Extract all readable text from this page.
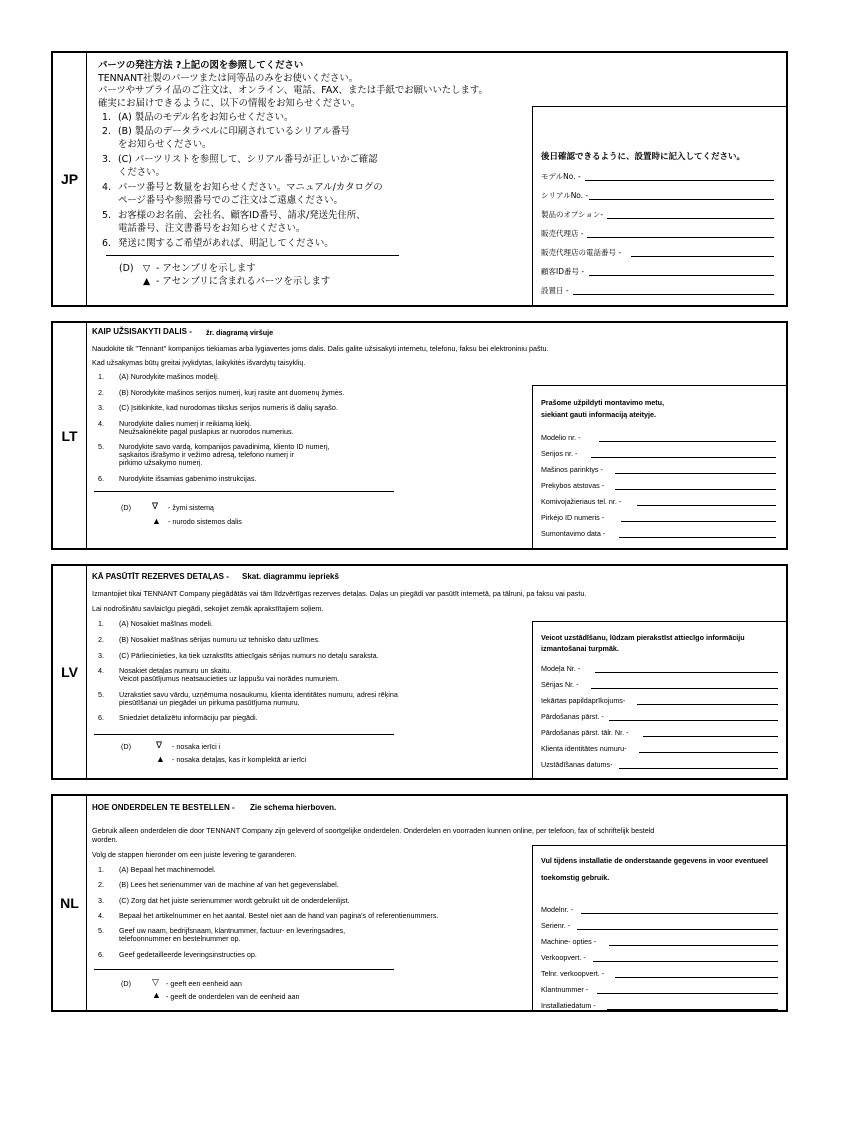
JP
パーツの発注方法 ?上記の図を参照してください
TENNANT社製のパーツまたは同等品のみをお使いください。
パーツやサプライ品のご注文は、オンライン、電話、FAX、または手紙でお願いいたします。
確実にお届けできるように、以下の情報をお知らせください。
1. (A) 製品のモデル名をお知らせください。
2. (B) 製品のデータラベルに印刷されているシリアル番号
をお知らせください。
3. (C) パーツリストを参照して、シリアル番号が正しいかご確認
ください。
4. パーツ番号と数量をお知らせください。マニュアル/カタログの
ページ番号や参照番号でのご注文はご遠慮ください。
5. お客様のお名前、会社名、顧客ID番号、請求/発送先住所、
電話番号、注文書番号をお知らせください。
6. 発送に関するご希望があれば、明記してください。
(D) ▽ - アセンブリを示します
▲ - アセンブリに含まれるパーツを示します
後日確認できるように、設置時に記入してください。
モデルNo. -
シリアルNo. -
製品のオプション-
販売代理店 -
販売代理店の電話番号 -
顧客ID番号 -
設置日 -
LT
KAIP UŽSISAKYTI DALIS - žr. diagramą viršuje
Naudokite tik "Tennant" kompanijos tiekiamas arba lygiavertes joms dalis. Dalis galite užsisakyti internetu, telefonu, faksu bei elektroniniu paštu.
Kad užsakymas būtų greitai įvykdytas, laikykitės išvardytų taisyklių.
1. (A) Nurodykite mašinos modelį.
2. (B) Norodykite mašinos serijos numerį, kurį rasite ant duomenų žymės.
3. (C) Įsitikinkite, kad nurodomas tikslus serijos numeris iš dalių sąrašo.
4. Nurodykite dalies numerį ir reikiamą kiekį.
Neužsakinėkite pagal puslapius ar nuorodos numerius.
5. Nurodykite savo vardą, kompanijos pavadinimą, kliento ID numerį,
sąskaitos išrašymo ir vežimo adresą, telefono numerį ir
pirkimo užsakymo numerį.
6. Nurodykite išsamias gabenimo instrukcijas.
(D) ∇ - žymi sistemą
▲ - nurodo sistemos dalis
Prašome užpildyti montavimo metu,
siekiant gauti informaciją ateityje.
Modelio nr. -
Serijos nr. -
Mašinos parinktys -
Prekybos atstovas -
Komivojažieriaus tel. nr. -
Pirkėjo ID numeris -
Sumontavimo data -
LV
KĀ PASŪTĪT REZERVES DETAĻAS - Skat. diagrammu iepriekš
Izmantojiet tikai TENNANT Company piegādātās vai tām līdzvērtīgas rezerves detaļas. Daļas un piegādi var pasūtīt internetā, pa tālruni, pa faksu vai pastu.
Lai nodrošinātu savlaicīgu piegādi, sekojiet zemāk aprakstītajiem soļiem.
1. (A) Nosakiet mašīnas modeli.
2. (B) Nosakiet mašīnas sērijas numuru uz tehnisko datu uzlīmes.
3. (C) Pārliecinieties, ka tiek uzrakstīts attiecīgais sērijas numurs no detaļu saraksta.
4. Nosakiet detaļas numuru un skaitu.
Veicot pasūtījumus neatsaucieties uz lappušu vai norādes numuriem.
5. Uzrakstiet savu vārdu, uzņēmuma nosaukumu, klienta identitātes numuru, adresi rēķina
piesūtīšanai un piegādei un pirkuma pasūtījuma numuru.
6. Sniedziet detalizētu informāciju par piegādi.
(D)	∇ - nosaka ierīci i
▲ - nosaka detaļas, kas ir komplektā ar ierīci
Veicot uzstādīšanu, lūdzam pierakstīst attiecīgo informāciju
izmantošanai turpmāk.
Modeļa Nr. -
Sērijas Nr. -
Iekārtas papildaprīkojums-
Pārdošanas pārst. -
Pārdošanas pārst. tālr. Nr. -
Klienta identitātes numuru-
Uzstādīšanas datums-
NL
HOE ONDERDELEN TE BESTELLEN - Zie schema hierboven.
Gebruik alleen onderdelen die door TENNANT Company zijn geleverd of soortgelijke onderdelen. Onderdelen en voorraden kunnen online, per telefoon, fax of schriftelijk besteld
worden.
Volg de stappen hieronder om een juiste levering te garanderen.
1. (A) Bepaal het machinemodel.
2. (B) Lees het serienummer van de machine af van het gegevenslabel.
3. (C) Zorg dat het juiste serienummer wordt gebruikt uit de onderdelenlijst.
4. Bepaal het artikelnummer en het aantal. Bestel niet aan de hand van pagina's of referentienummers.
5. Geef uw naam, bedrijfsnaam, klantnummer, factuur- en leveringsadres,
telefoonnummer en bestelnummer op.
6. Geef gedetailleerde leveringsinstructies op.
(D) ▽ - geeft een eenheid aan
▲ - geeft de onderdelen van de eenheid aan
Vul tijdens installatie de onderstaande gegevens in voor eventueel
toekomstig gebruik.
Modelnr. -
Serienr. -
Machine- opties -
Verkoopvert. -
Telnr. verkoopvert. -
Klantnummer -
Installatiedatum -
